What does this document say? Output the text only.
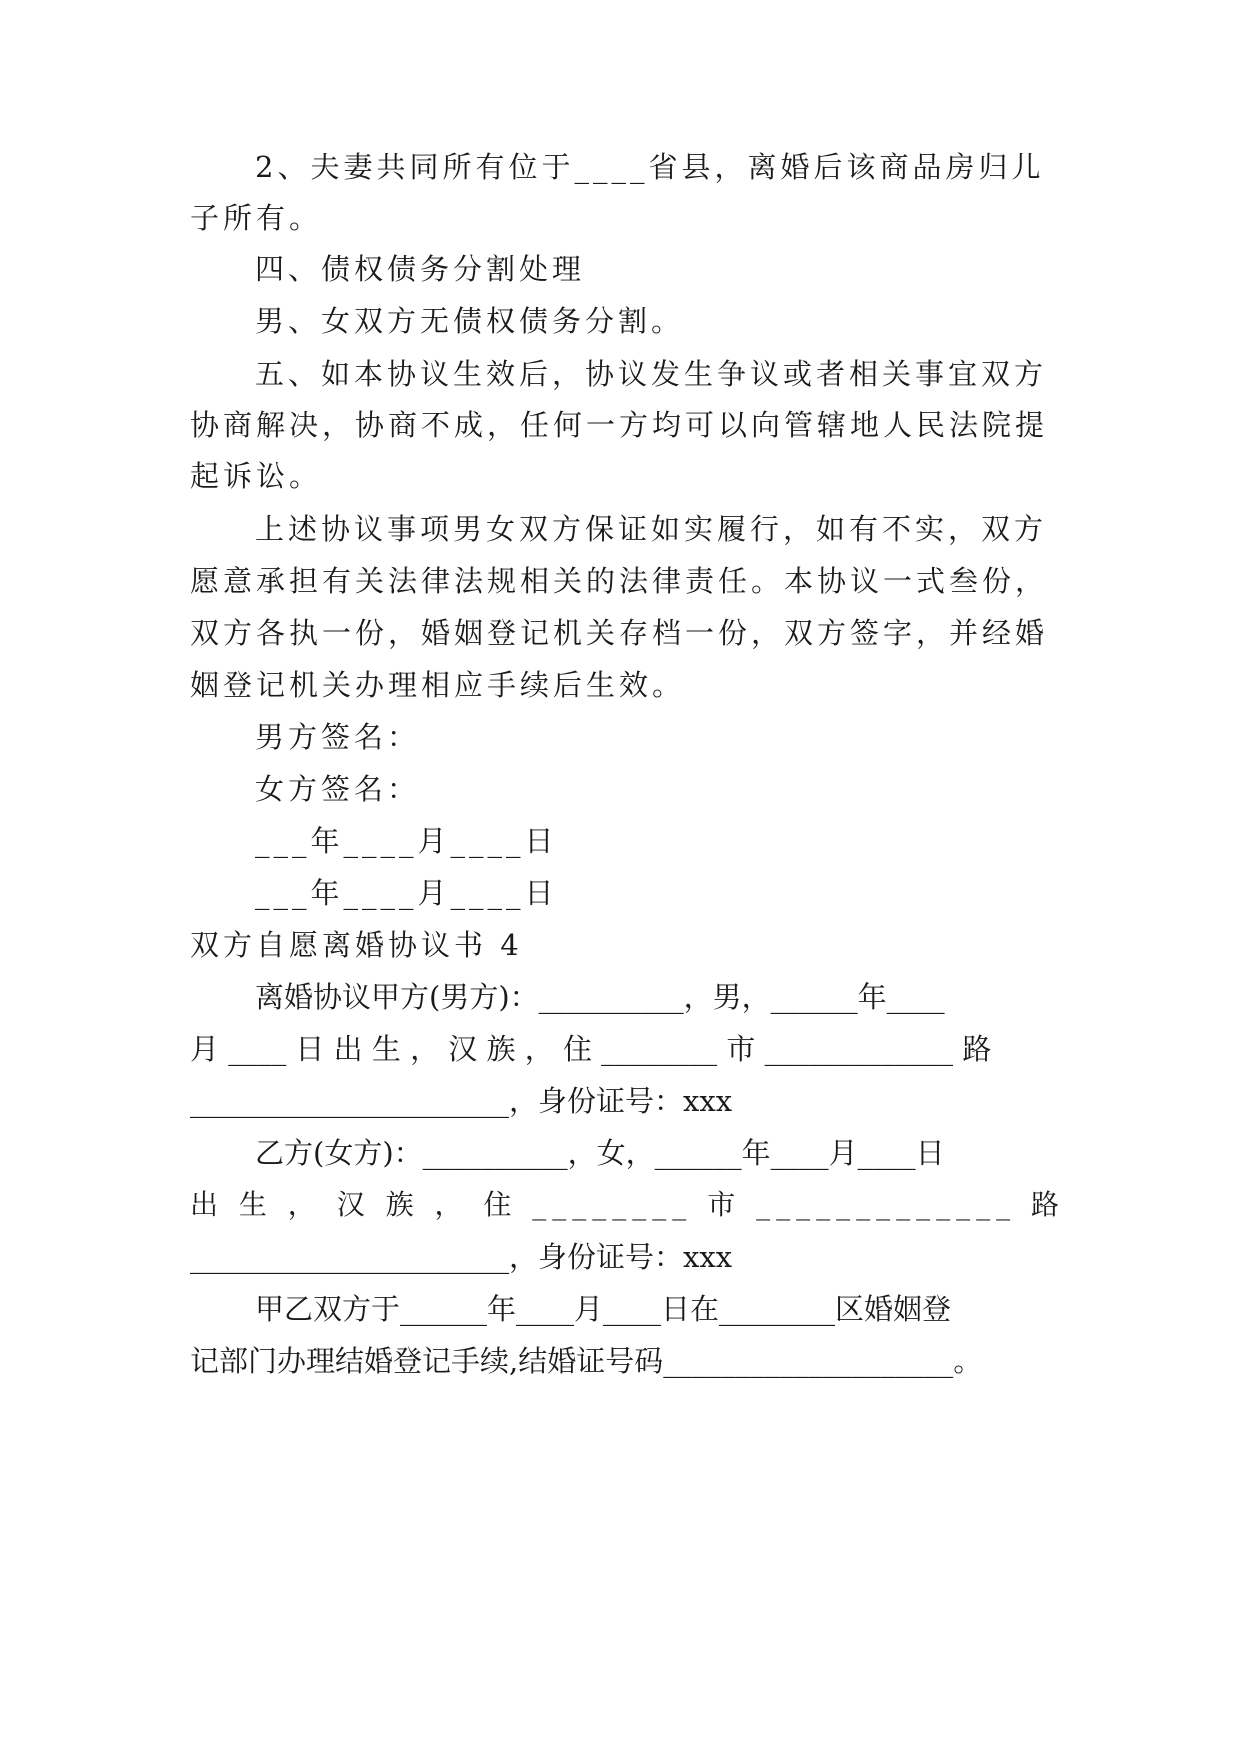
2、夫妻共同所有位于____省县，离婚后该商品房归儿
子所有。
四、债权债务分割处理
男、女双方无债权债务分割。
五、如本协议生效后，协议发生争议或者相关事宜双方
协商解决，协商不成，任何一方均可以向管辖地人民法院提
起诉讼。
上述协议事项男女双方保证如实履行，如有不实，双方
愿意承担有关法律法规相关的法律责任。本协议一式叁份，
双方各执一份，婚姻登记机关存档一份，双方签字，并经婚
姻登记机关办理相应手续后生效。
男方签名：
女方签名：
___年____月____日
___年____月____日
双方自愿离婚协议书 4
离婚协议甲方(男方)：__________，男，______年____
月 ____ 日 出 生 ， 汉 族 ， 住 ________ 市 _____________ 路
______________________，身份证号：xxx
乙方(女方)：__________，女，______年____月____日
出 生 ， 汉 族 ， 住 ________ 市 _____________ 路
______________________，身份证号：xxx
甲乙双方于______年____月____日在________区婚姻登
记部门办理结婚登记手续,结婚证号码____________________。
